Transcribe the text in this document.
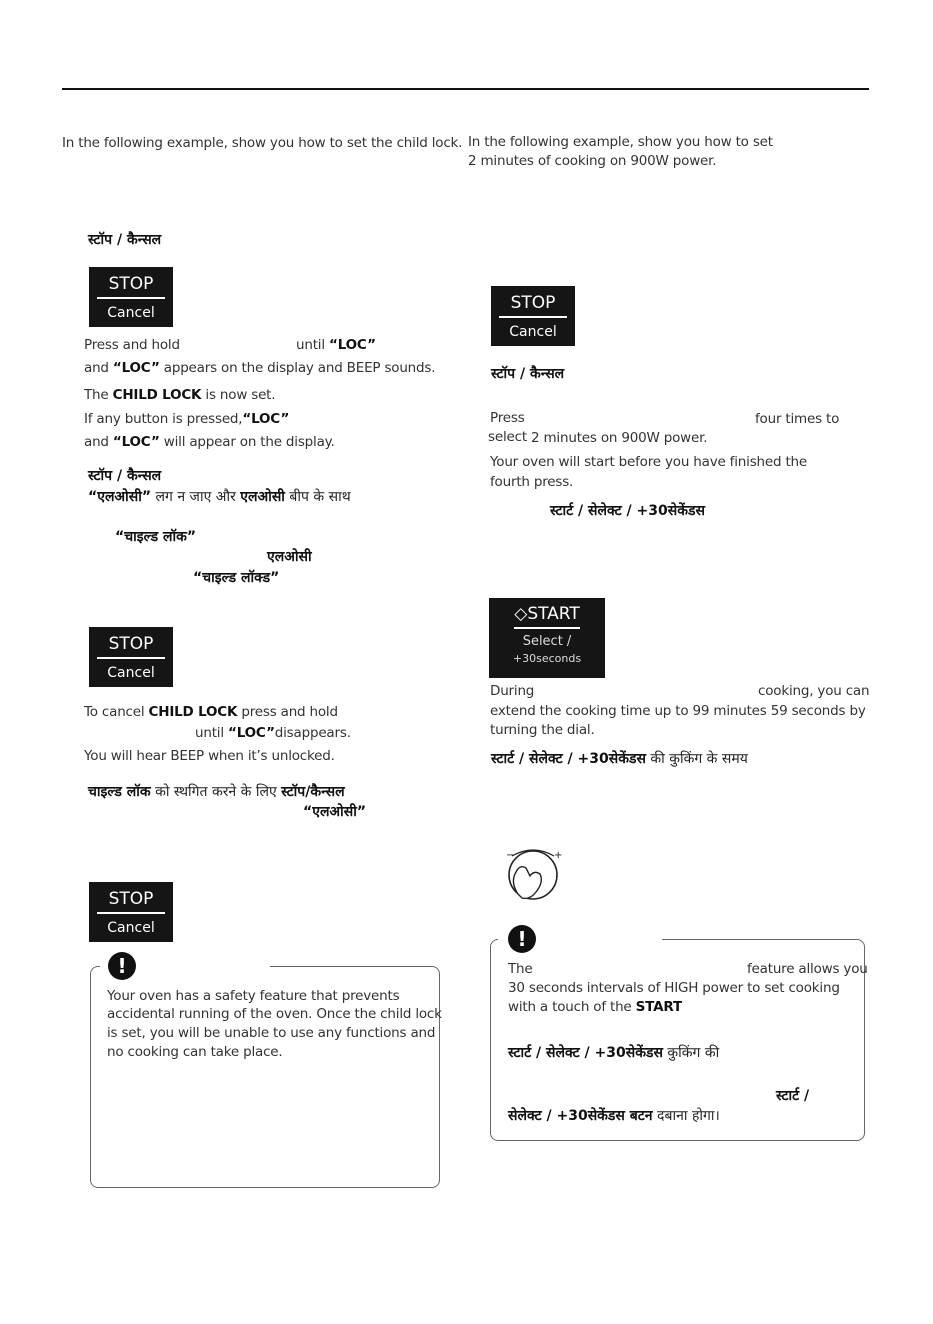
In the following example, show you how to set the child lock.
स्टॉप / कैन्सल
STOP
Cancel
Press and hold	until “LOC”
and “LOC” appears on the display and BEEP sounds.
The CHILD LOCK is now set.
If any button is pressed,“LOC”
and “LOC” will appear on the display.
स्टॉप / कैन्सल
“एलओसी” लग न जाए और एलओसी बीप के साथ
“चाइल्ड लॉक”
एलओसी
“चाइल्ड लॉक्ड”
STOP
Cancel
To cancel CHILD LOCK press and hold
until “LOC”disappears.
You will hear BEEP when it’s unlocked.
चाइल्ड लॉक को स्थगित करने के लिए स्टॉप/कैन्सल
“एलओसी”
STOP
Cancel
!
Your oven has a safety feature that prevents
accidental running of the oven. Once the child lock
is set, you will be unable to use any functions and
no cooking can take place.
In the following example, show you how to set
2 minutes of cooking on 900W power.
STOP
Cancel
स्टॉप / कैन्सल
Press	four times to
select 2 minutes on 900W power.
Your oven will start before you have finished the
fourth press.
स्टार्ट / सेलेक्ट / +30सेकेंडस
◇START
Select /
+30seconds
During	cooking, you can
extend the cooking time up to 99 minutes 59 seconds by
turning the dial.
स्टार्ट / सेलेक्ट / +30सेकेंडस की कुकिंग के समय
−	+
!
The	feature allows you
30 seconds intervals of HIGH power to set cooking
with a touch of the START
स्टार्ट / सेलेक्ट / +30सेकेंडस कुकिंग की
स्टार्ट /
सेलेक्ट / +30सेकेंडस बटन दबाना होगा।
